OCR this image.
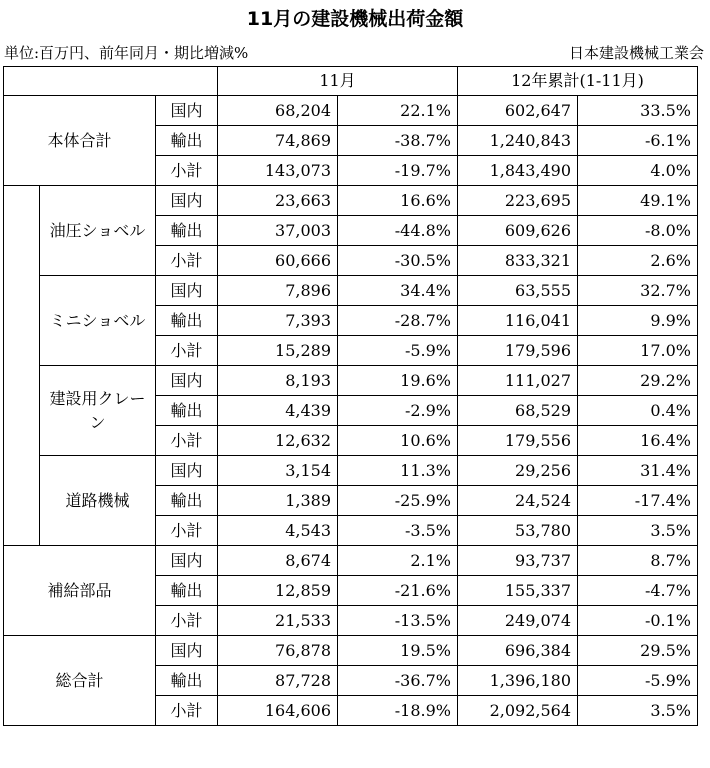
11月の建設機械出荷金額
単位:百万円、前年同月・期比増減%	日本建設機械工業会
			11月		12年累計(1-11月)	
本体合計		国内	68,204	22.1%	602,647	33.5%
		輸出	74,869	-38.7%	1,240,843	-6.1%
		小計	143,073	-19.7%	1,843,490	4.0%
	油圧ショベル	国内	23,663	16.6%	223,695	49.1%
		輸出	37,003	-44.8%	609,626	-8.0%
		小計	60,666	-30.5%	833,321	2.6%
	ミニショベル	国内	7,896	34.4%	63,555	32.7%
		輸出	7,393	-28.7%	116,041	9.9%
		小計	15,289	-5.9%	179,596	17.0%
	建設用クレーン	国内	8,193	19.6%	111,027	29.2%
		輸出	4,439	-2.9%	68,529	0.4%
		小計	12,632	10.6%	179,556	16.4%
	道路機械	国内	3,154	11.3%	29,256	31.4%
		輸出	1,389	-25.9%	24,524	-17.4%
		小計	4,543	-3.5%	53,780	3.5%
補給部品		国内	8,674	2.1%	93,737	8.7%
		輸出	12,859	-21.6%	155,337	-4.7%
		小計	21,533	-13.5%	249,074	-0.1%
総合計		国内	76,878	19.5%	696,384	29.5%
		輸出	87,728	-36.7%	1,396,180	-5.9%
		小計	164,606	-18.9%	2,092,564	3.5%
